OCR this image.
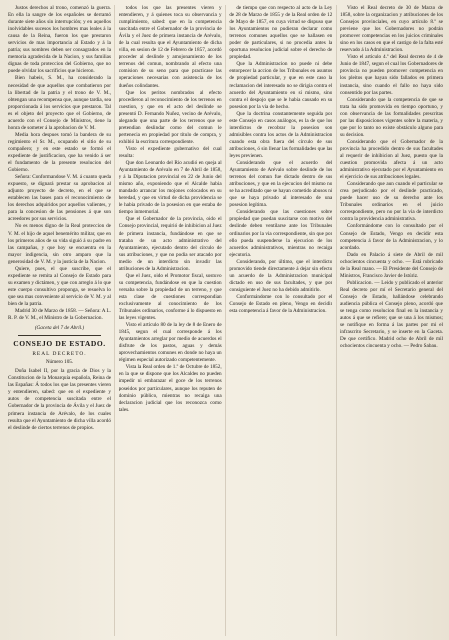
Justos derechos al trono, comenzó la guerra. En ella la sangre de los españoles se derramó durante siete años sin interrupción; y en aquellos inolvidables sucesos los hombres mas leales á la causa de la Reina, fueron los que prestaron servicios de mas importancia al Estado y á la patria; sus nombres deben ser consagrados en la memoria agradecida de la Nacion, y sus familias dignas de toda proteccion del Gobierno, que no puede olvidar los sacrificios que hicieron.

Bien habeis, S. M., ha considerado la necesidad de que aquellos que combatieron por la libertad de la patria y el trono de V. M., obtengan una recompensa que, aunque tardia, sea proporcionada á los servicios que prestaron. Tal es el objeto del proyecto que el Gobierno, de acuerdo con el Consejo de Ministros, tiene la honra de someter á la aprobacion de V. M.

Media hora despues tomó la bandera de su regimiento el Sr. M., ocupando el sitio de su compañero; y en este estado se formó el expediente de justificacion, que ha venido á ser el fundamento de la presente resolucion del Gobierno.

Señora: Conformandose V. M. á cuanto queda expuesto, se dignará prestar su aprobacion al adjunto proyecto de decreto, en el que se establecen las bases para el reconocimiento de los derechos adquiridos por aquellos valientes, y para la concesion de las pensiones á que son acreedores por sus servicios.

No es menos digno de la Real proteccion de V. M. el hijo de aquel benemérito militar, que en los primeros años de su vida siguió á su padre en las campañas, y que hoy se encuentra en la mayor indigencia, sin otro amparo que la generosidad de V. M. y la justicia de la Nacion.

Quiere, pues, el que suscribe, que el expediente se remita al Consejo de Estado para su examen y dictámen, y que con arreglo á lo que este cuerpo consultivo proponga, se resuelva lo que sea mas conveniente al servicio de V. M. y al bien de la patria.

Madrid 30 de Marzo de 1858. — Señora: A L. R. P. de V. M., el Ministro de la Gobernacion.

(Gaceta del 7 de Abril.)
CONSEJO DE ESTADO.
REAL DECRETO.
Número 105.

Doña Isabel II, por la gracia de Dios y la Constitucion de la Monarquía española, Reina de las Españas: Á todos los que las presentes vieren y entendieren, sabed: que en el expediente y autos de competencia suscitada entre el Gobernador de la provincia de Ávila y el Juez de primera instancia de Arévalo, de los cuales resulta que el Ayuntamiento de dicha villa acordó el deslinde de ciertos terrenos de propios.

todos los que las presentes vieren y entendieren, y á quienes toca su observancia y cumplimiento, sabed: que en la competencia suscitada entre el Gobernador de la provincia de Ávila y el Juez de primera instancia de Arévalo, de la cual resulta que el Ayuntamiento de dicha villa, en sesion de 12 de Febrero de 1857, acordó proceder al deslinde y amojonamiento de los terrenos del comun, nombrando al efecto una comision de su seno para que practicase las operaciones necesarias con asistencia de los dueños colindantes.

Que los peritos nombrados al efecto procedieron al reconocimiento de los terrenos en cuestion, y que en el acto del deslinde se presentó D. Fernando Nuñez, vecino de Arévalo, alegando que una parte de los terrenos que se pretendian deslindar como del comun le pertenecia en propiedad por título de compra, y exhibió la escritura correspondiente.

Visto el expediente gubernativo del cual resulta:

Que don Leonardo del Rio acudió en queja al Ayuntamiento de Arévalo en 7 de Abril de 1858, y á la Diputacion provincial en 22 de Junio del mismo año, exponiendo que el Alcalde habia mandado arrancar los mojones colocados en su heredad, y que en virtud de dicha providencia se le habia privado de la posesion en que estaba de tiempo inmemorial.

Que el Gobernador de la provincia, oido el Consejo provincial, requirió de inhibicion al Juez de primera instancia, fundándose en que se trataba de un acto administrativo del Ayuntamiento, ejecutado dentro del círculo de sus atribuciones, y que no podia ser atacado por medio de un interdicto sin invadir las atribuciones de la Administracion.

Que el Juez, oido el Promotor fiscal, sostuvo su competencia, fundándose en que la cuestion versaba sobre la propiedad de un terreno, y que esta clase de cuestiones correspondian exclusivamente al conocimiento de los Tribunales ordinarios, conforme á lo dispuesto en las leyes vigentes.

Visto el artículo 80 de la ley de 8 de Enero de 1845, segun el cual corresponde á los Ayuntamientos arreglar por medio de acuerdos el disfrute de los pastos, aguas y demás aprovechamientos comunes en donde no haya un régimen especial autorizado competentemente.

Vista la Real orden de 1.º de Octubre de 1852, en la que se dispone que los Alcaldes no pueden impedir ni embarazar el goce de los terrenos poseidos por particulares, aunque los reputen de dominio público, mientras no recaiga una declaracion judicial que los reconozca como tales.

de tiempo que con respecto al acto de la Ley de 28 de Marzo de 1855 y de la Real orden de 12 de Mayo de 1857, en cuya virtud se dispuso que los Ayuntamientos no pudieran declarar como terrenos comunes aquellos que se hallasen en poder de particulares, si no procedia antes la oportuna resolucion judicial sobre el derecho de propiedad.

Que la Administracion no puede ni debe entorpecer la accion de los Tribunales en asuntos de propiedad particular, y que en este caso la reclamacion del interesado no se dirigia contra el acuerdo del Ayuntamiento en sí mismo, sino contra el despojo que se le habia causado en su posesion por la via de hecho.

Que la doctrina constantemente seguida por este Consejo en casos análogos, es la de que los interdictos de recobrar la posesion son admisibles contra los actos de la Administracion cuando esta obra fuera del círculo de sus atribuciones, ó sin llenar las formalidades que las leyes previenen.

Considerando que el acuerdo del Ayuntamiento de Arévalo sobre deslinde de los terrenos del comun fue dictado dentro de sus atribuciones, y que en la ejecucion del mismo no se ha acreditado que se hayan cometido abusos ni que se haya privado al interesado de una posesion legítima.

Considerando que las cuestiones sobre propiedad que puedan suscitarse con motivo del deslinde deben ventilarse ante los Tribunales ordinarios por la via correspondiente, sin que por ello pueda suspenderse la ejecucion de los acuerdos administrativos, mientras no recaiga ejecutoria.

Considerando, por último, que el interdicto promovido tiende directamente á dejar sin efecto un acuerdo de la Administracion municipal dictado en uso de sus facultades, y que por consiguiente el Juez no ha debido admitirlo.

Conformándome con lo consultado por el Consejo de Estado en pleno, Vengo en decidir esta competencia á favor de la Administracion.

Visto el Real decreto de 30 de Marzo de 1858, sobre la organizacion y atribuciones de los Consejos provinciales, en cuyo artículo 8.º se previene que los Gobernadores no podrán promover competencias en los juicios criminales sino en los casos en que el castigo de la falta esté reservado á la Administracion.

Visto el artículo 4.º del Real decreto de 4 de Junio de 1847, segun el cual los Gobernadores de provincia no pueden promover competencia en los pleitos que hayan sido fallados en primera instancia, sino cuando el fallo no haya sido consentido por las partes.

Considerando que la competencia de que se trata ha sido promovida en tiempo oportuno, y con observancia de las formalidades prescritas por las disposiciones vigentes sobre la materia, y que por lo tanto no existe obstáculo alguno para su decision.

Considerando que el Gobernador de la provincia ha procedido dentro de sus facultades al requerir de inhibicion al Juez, puesto que la cuestion promovida afecta á un acto administrativo ejecutado por el Ayuntamiento en el ejercicio de sus atribuciones legales.

Considerando que aun cuando el particular se crea perjudicado por el deslinde practicado, puede hacer uso de su derecho ante los Tribunales ordinarios en el juicio correspondiente, pero no por la via de interdicto contra la providencia administrativa.

Conformándome con lo consultado por el Consejo de Estado, Vengo en decidir esta competencia á favor de la Administracion, y lo acordado.

Dado en Palacio á siete de Abril de mil ochocientos cincuenta y ocho. — Está rubricado de la Real mano. — El Presidente del Consejo de Ministros, Francisco Javier de Istúriz.

Publicacion. — Leido y publicado el anterior Real decreto por mí el Secretario general del Consejo de Estado, hallándose celebrando audiencia pública el Consejo pleno, acordó que se tenga como resolucion final en la instancia y autos á que se refiere; que se una á los mismos; se notifique en forma á las partes por mi el infrascrito Secretario, y se inserte en la Gaceta. De que certifico. Madrid ocho de Abril de mil ochocientos cincuenta y ocho. — Pedro Sabau.
